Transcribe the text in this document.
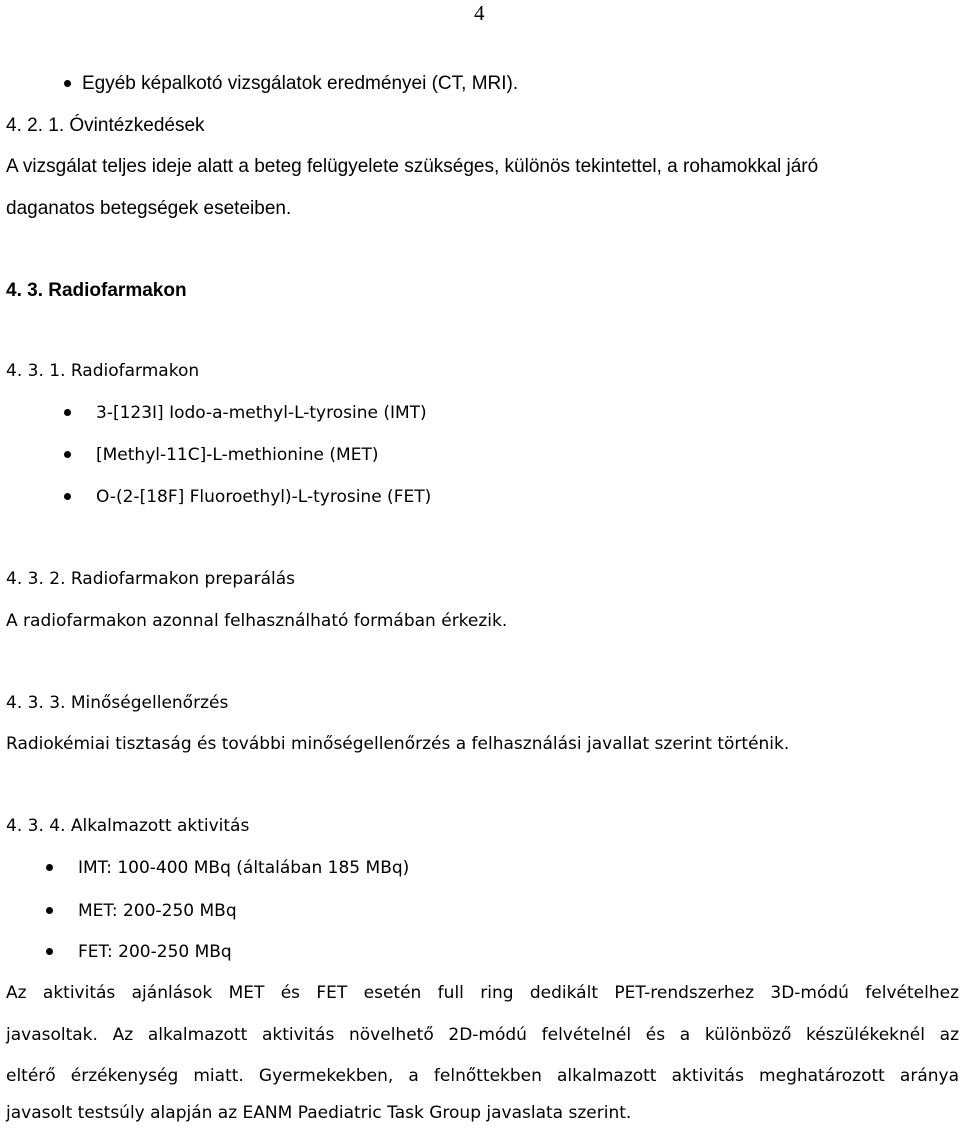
4
Egyéb képalkotó vizsgálatok eredményei (CT, MRI).
4. 2. 1. Óvintézkedések
A vizsgálat teljes ideje alatt a beteg felügyelete szükséges, különös tekintettel, a rohamokkal járó
daganatos betegségek eseteiben.
4. 3. Radiofarmakon
4. 3. 1. Radiofarmakon
3-[123I] Iodo-a-methyl-L-tyrosine (IMT)
[Methyl-11C]-L-methionine (MET)
O-(2-[18F] Fluoroethyl)-L-tyrosine (FET)
4. 3. 2. Radiofarmakon preparálás
A radiofarmakon azonnal felhasználható formában érkezik.
4. 3. 3. Minőségellenőrzés
Radiokémiai tisztaság és további minőségellenőrzés a felhasználási javallat szerint történik.
4. 3. 4. Alkalmazott aktivitás
IMT: 100-400 MBq (általában 185 MBq)
MET: 200-250 MBq
FET: 200-250 MBq
Az aktivitás ajánlások MET és FET esetén full ring dedikált PET-rendszerhez 3D-módú felvételhez
javasoltak. Az alkalmazott aktivitás növelhető 2D-módú felvételnél és a különböző készülékeknél az
eltérő érzékenység miatt. Gyermekekben, a felnőttekben alkalmazott aktivitás meghatározott aránya
javasolt testsúly alapján az EANM Paediatric Task Group javaslata szerint.
